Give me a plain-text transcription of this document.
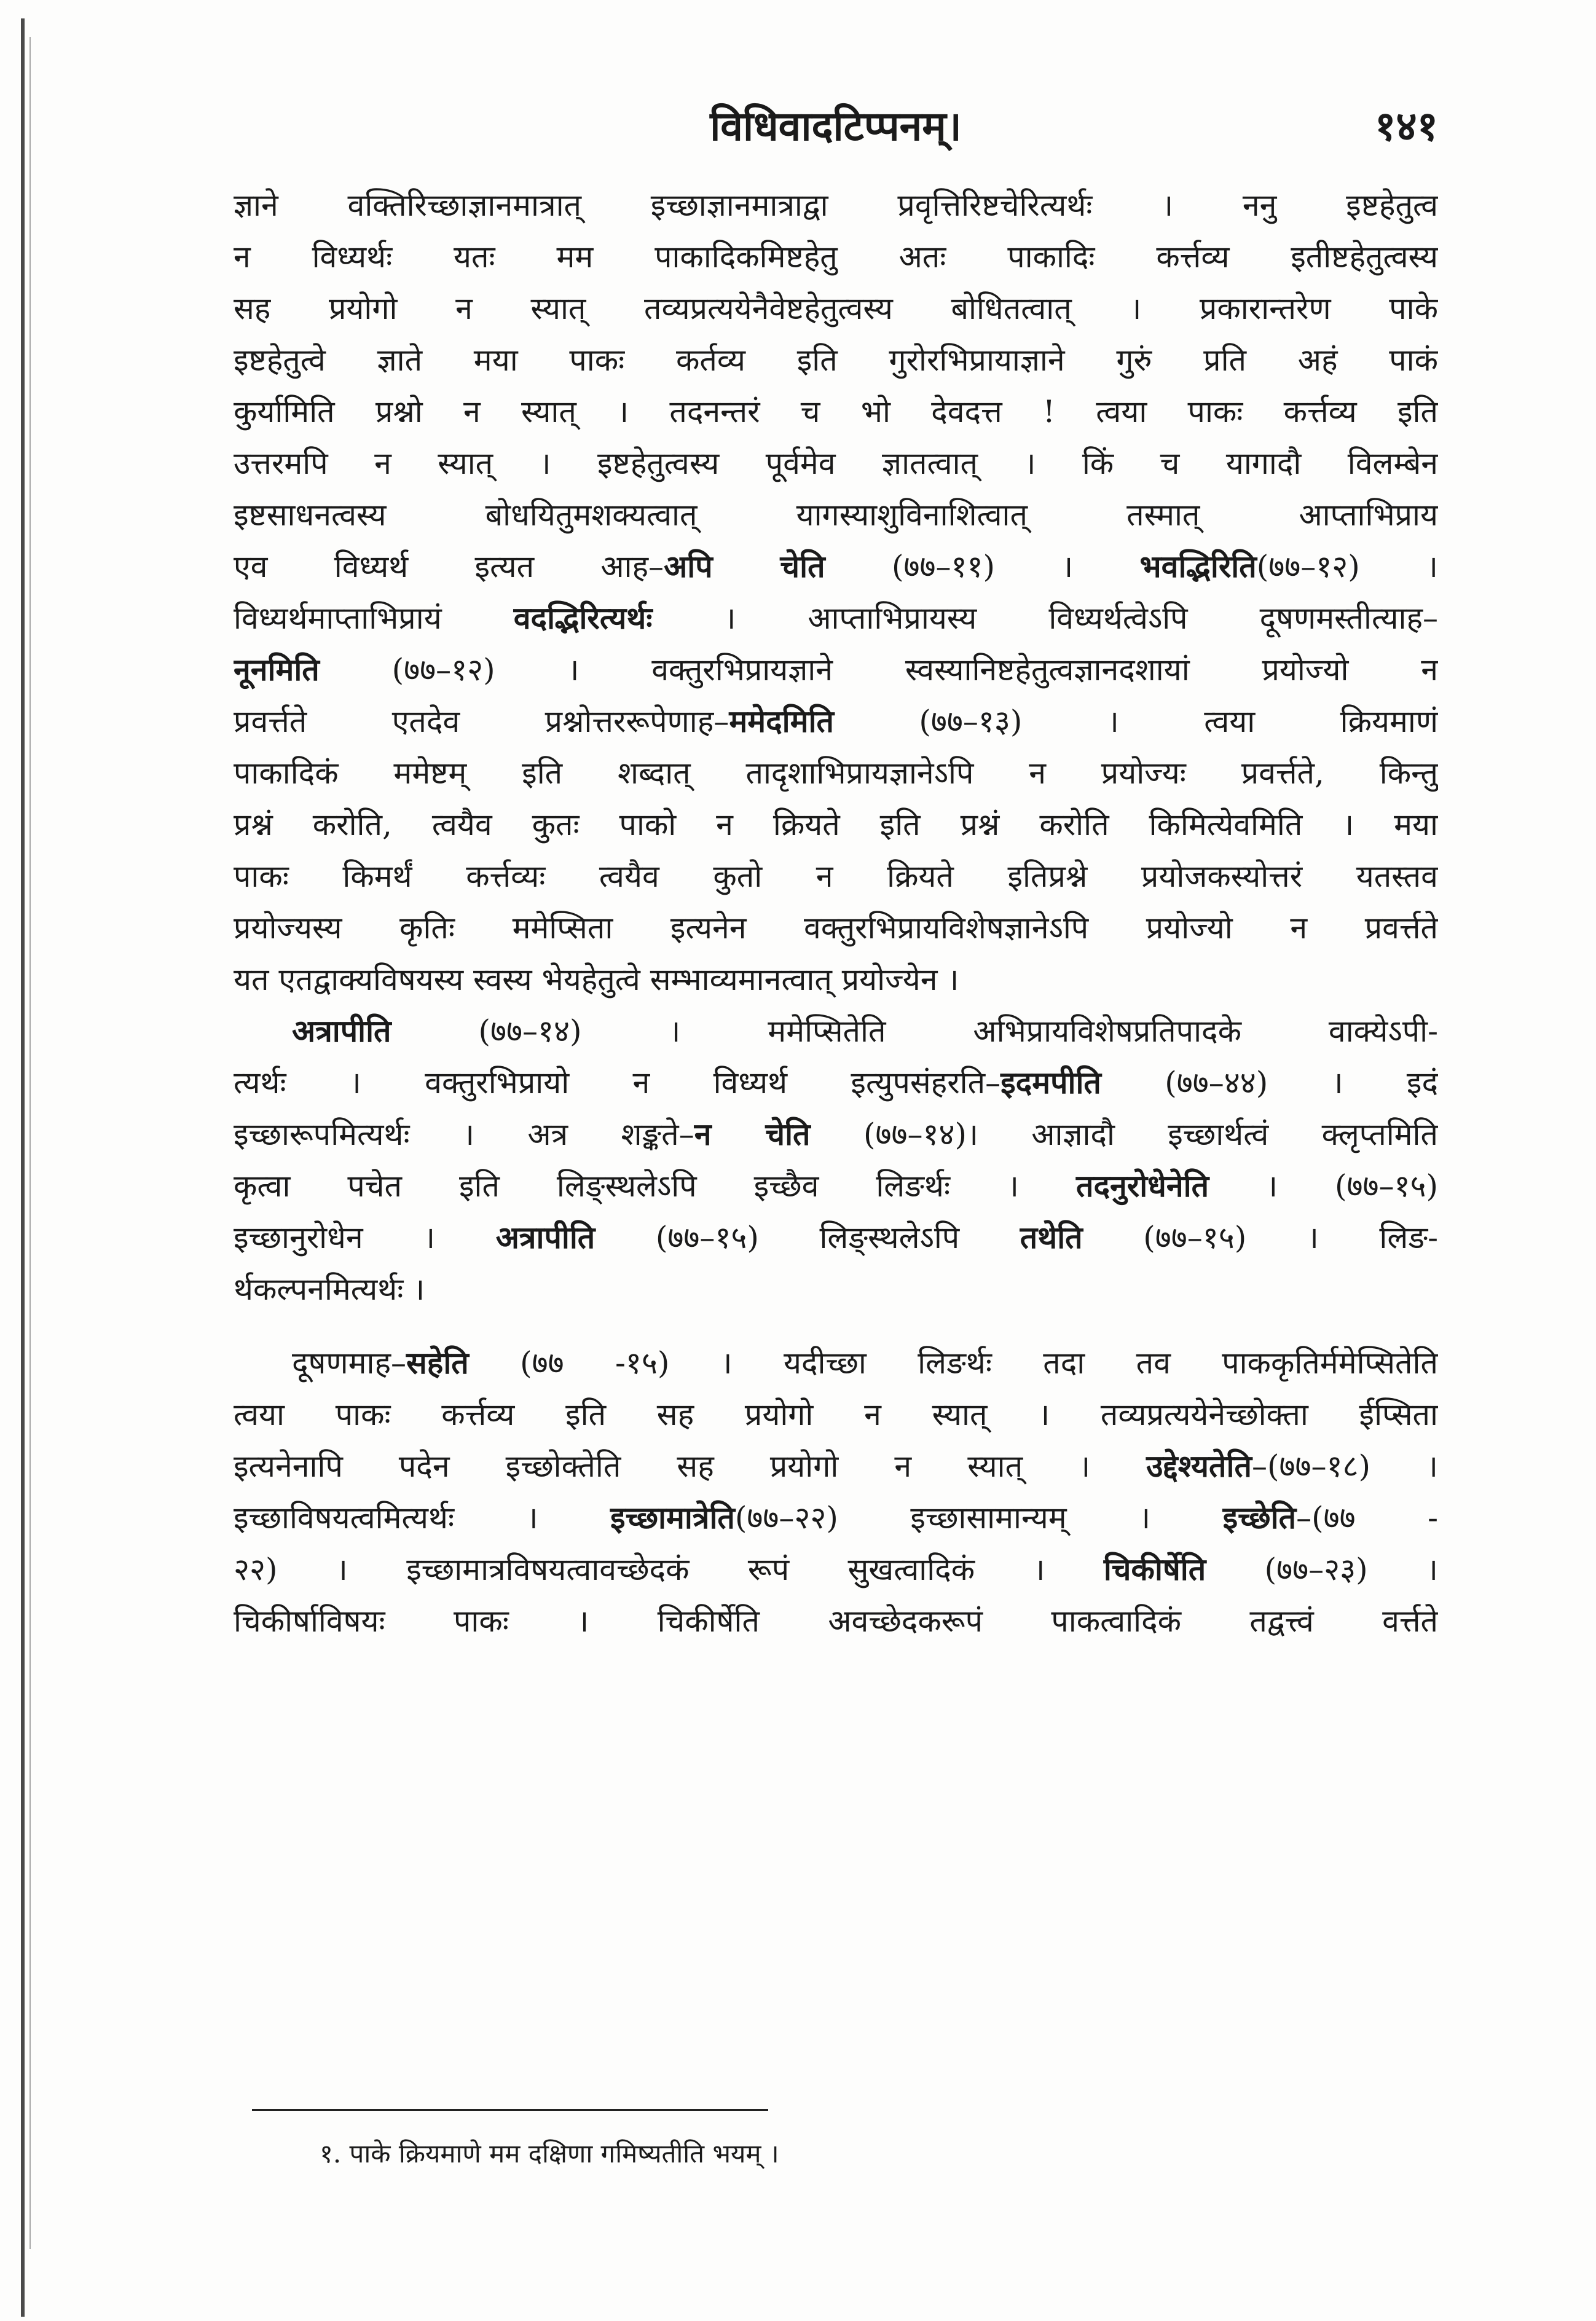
विधिवादटिप्पनम्।	१४१
ज्ञाने वक्तिरिच्छाज्ञानमात्रात् इच्छाज्ञानमात्राद्वा प्रवृत्तिरिष्टचेरित्यर्थः । ननु इष्टहेतुत्व
न विध्यर्थः यतः मम पाकादिकमिष्टहेतु अतः पाकादिः कर्त्तव्य इतीष्टहेतुत्वस्य
सह प्रयोगो न स्यात् तव्यप्रत्ययेनैवेष्टहेतुत्वस्य बोधितत्वात् । प्रकारान्तरेण पाके
इष्टहेतुत्वे ज्ञाते मया पाकः कर्तव्य इति गुरोरभिप्रायाज्ञाने गुरुं प्रति अहं पाकं
कुर्यामिति प्रश्नो न स्यात् । तदनन्तरं च भो देवदत्त ! त्वया पाकः कर्त्तव्य इति
उत्तरमपि न स्यात् । इष्टहेतुत्वस्य पूर्वमेव ज्ञातत्वात् । किं च यागादौ विलम्बेन
इष्टसाधनत्वस्य बोधयितुमशक्यत्वात् यागस्याशुविनाशित्वात् तस्मात् आप्ताभिप्राय
एव विध्यर्थ इत्यत आह–अपि चेति (७७–११) । भवद्भिरिति(७७–१२) ।
विध्यर्थमाप्ताभिप्रायं वदद्भिरित्यर्थः । आप्ताभिप्रायस्य विध्यर्थत्वेऽपि दूषणमस्तीत्याह–
नूनमिति (७७–१२) । वक्तुरभिप्रायज्ञाने स्वस्यानिष्टहेतुत्वज्ञानदशायां प्रयोज्यो न
प्रवर्त्तते एतदेव प्रश्नोत्तररूपेणाह–ममेदमिति (७७–१३) । त्वया क्रियमाणं
पाकादिकं ममेष्टम् इति शब्दात् तादृशाभिप्रायज्ञानेऽपि न प्रयोज्यः प्रवर्त्तते, किन्तु
प्रश्नं करोति, त्वयैव कुतः पाको न क्रियते इति प्रश्नं करोति किमित्येवमिति । मया
पाकः किमर्थं कर्त्तव्यः त्वयैव कुतो न क्रियते इतिप्रश्ने प्रयोजकस्योत्तरं यतस्तव
प्रयोज्यस्य कृतिः ममेप्सिता इत्यनेन वक्तुरभिप्रायविशेषज्ञानेऽपि प्रयोज्यो न प्रवर्त्तते
यत एतद्वाक्यविषयस्य स्वस्य भेयहेतुत्वे सम्भाव्यमानत्वात् प्रयोज्येन ।
अत्रापीति (७७–१४) । ममेप्सितेति अभिप्रायविशेषप्रतिपादके वाक्येऽपी-
त्यर्थः । वक्तुरभिप्रायो न विध्यर्थ इत्युपसंहरति–इदमपीति (७७–४४) । इदं
इच्छारूपमित्यर्थः । अत्र शङ्कते–न चेति (७७–१४)। आज्ञादौ इच्छार्थत्वं क्लृप्तमिति
कृत्वा पचेत इति लिङ्स्थलेऽपि इच्छैव लिङर्थः । तदनुरोधेनेति । (७७–१५)
इच्छानुरोधेन । अत्रापीति (७७–१५) लिङ्स्थलेऽपि तथेति (७७–१५) । लिङ-
र्थकल्पनमित्यर्थः ।
दूषणमाह–सहेति (७७ -१५) । यदीच्छा लिङर्थः तदा तव पाककृतिर्ममेप्सितेति
त्वया पाकः कर्त्तव्य इति सह प्रयोगो न स्यात् । तव्यप्रत्ययेनेच्छोक्ता ईप्सिता
इत्यनेनापि पदेन इच्छोक्तेति सह प्रयोगो न स्यात् । उद्देश्यतेति–(७७–१८) ।
इच्छाविषयत्वमित्यर्थः । इच्छामात्रेति(७७–२२) इच्छासामान्यम् । इच्छेति–(७७ -
२२) । इच्छामात्रविषयत्वावच्छेदकं रूपं सुखत्वादिकं । चिकीर्षेति (७७–२३) ।
चिकीर्षाविषयः पाकः । चिकीर्षेति अवच्छेदकरूपं पाकत्वादिकं तद्वत्त्वं वर्त्तते
१. पाके क्रियमाणे मम दक्षिणा गमिष्यतीति भयम् ।
